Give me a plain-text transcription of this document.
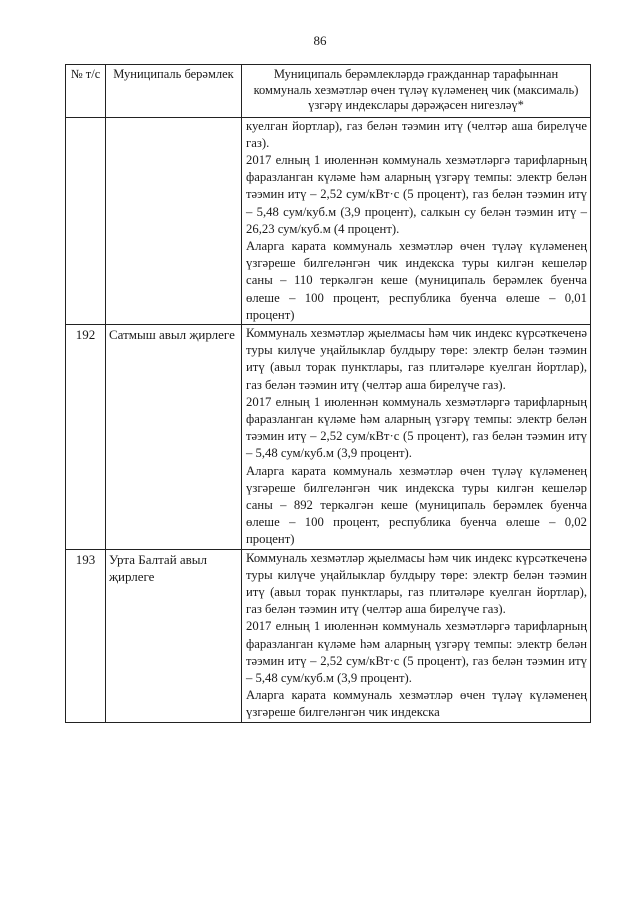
86
№ т/с	Муниципаль берәмлек	Муниципаль берәмлекләрдә гражданнар тарафыннан коммуналь хезмәтләр өчен түләү күләменең чик (максималь) үзгәрү индекслары дәрәҗәсен нигезләү*

		куелган йортлар), газ белән тәэмин итү (челтәр аша бирелүче газ).
2017 елның 1 июленнән коммуналь хезмәтләргә тарифларның фаразланган күләме һәм аларның үзгәрү темпы: электр белән тәэмин итү – 2,52 сум/кВт·с (5 процент), газ белән тәэмин итү – 5,48 сум/куб.м (3,9 процент), салкын су белән тәэмин итү – 26,23 сум/куб.м (4 процент).
Аларга карата коммуналь хезмәтләр өчен түләү күләменең үзгәреше билгеләнгән чик индекска туры килгән кешеләр саны – 110 теркәлгән кеше (муниципаль берәмлек буенча өлеше – 100 процент, республика буенча өлеше – 0,01 процент)

192	Сатмыш авыл җирлеге	Коммуналь хезмәтләр җыелмасы һәм чик индекс күрсәткеченә туры килүче уңайлыклар булдыру төре: электр белән тәэмин итү (авыл торак пунктлары, газ плитәләре куелган йортлар), газ белән тәэмин итү (челтәр аша бирелүче газ).
2017 елның 1 июленнән коммуналь хезмәтләргә тарифларның фаразланган күләме һәм аларның үзгәрү темпы: электр белән тәэмин итү – 2,52 сум/кВт·с (5 процент), газ белән тәэмин итү – 5,48 сум/куб.м (3,9 процент).
Аларга карата коммуналь хезмәтләр өчен түләү күләменең үзгәреше билгеләнгән чик индекска туры килгән кешеләр саны – 892 теркәлгән кеше (муниципаль берәмлек буенча өлеше – 100 процент, республика буенча өлеше – 0,02 процент)

193	Урта Балтай авыл җирлеге	Коммуналь хезмәтләр җыелмасы һәм чик индекс күрсәткеченә туры килүче уңайлыклар булдыру төре: электр белән тәэмин итү (авыл торак пунктлары, газ плитәләре куелган йортлар), газ белән тәэмин итү (челтәр аша бирелүче газ).
2017 елның 1 июленнән коммуналь хезмәтләргә тарифларның фаразланган күләме һәм аларның үзгәрү темпы: электр белән тәэмин итү – 2,52 сум/кВт·с (5 процент), газ белән тәэмин итү – 5,48 сум/куб.м (3,9 процент).
Аларга карата коммуналь хезмәтләр өчен түләү күләменең үзгәреше билгеләнгән чик индекска
